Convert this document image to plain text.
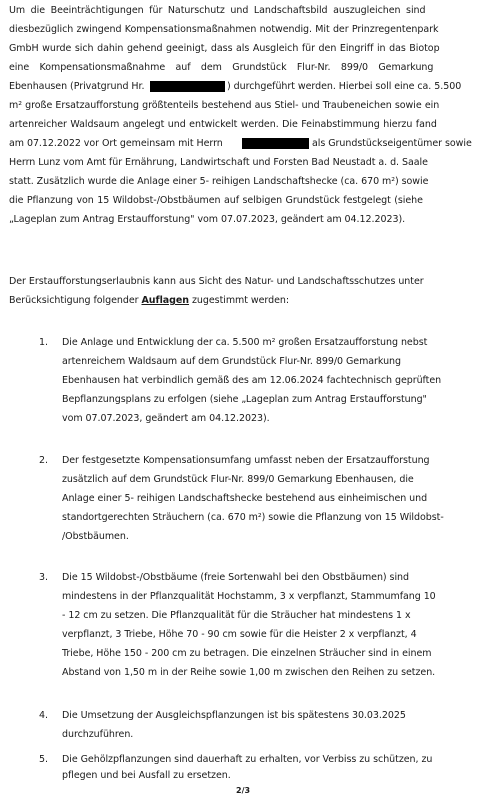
Um die Beeinträchtigungen für Naturschutz und Landschaftsbild auszugleichen sind
diesbezüglich zwingend Kompensationsmaßnahmen notwendig. Mit der Prinzregentenpark
GmbH wurde sich dahin gehend geeinigt, dass als Ausgleich für den Eingriff in das Biotop
eine Kompensationsmaßnahme auf dem Grundstück Flur-Nr. 899/0 Gemarkung
Ebenhausen (Privatgrund Hr.	) durchgeführt werden. Hierbei soll eine ca. 5.500
m² große Ersatzaufforstung größtenteils bestehend aus Stiel- und Traubeneichen sowie ein
artenreicher Waldsaum angelegt und entwickelt werden. Die Feinabstimmung hierzu fand
am 07.12.2022 vor Ort gemeinsam mit Herrn	als Grundstückseigentümer sowie
Herrn Lunz vom Amt für Ernährung, Landwirtschaft und Forsten Bad Neustadt a. d. Saale
statt. Zusätzlich wurde die Anlage einer 5- reihigen Landschaftshecke (ca. 670 m²) sowie
die Pflanzung von 15 Wildobst-/Obstbäumen auf selbigen Grundstück festgelegt (siehe
„Lageplan zum Antrag Erstaufforstung" vom 07.07.2023, geändert am 04.12.2023).
Der Erstaufforstungserlaubnis kann aus Sicht des Natur- und Landschaftsschutzes unter
Berücksichtigung folgender Auflagen zugestimmt werden:
1. Die Anlage und Entwicklung der ca. 5.500 m² großen Ersatzaufforstung nebst
artenreichem Waldsaum auf dem Grundstück Flur-Nr. 899/0 Gemarkung
Ebenhausen hat verbindlich gemäß des am 12.06.2024 fachtechnisch geprüften
Bepflanzungsplans zu erfolgen (siehe „Lageplan zum Antrag Erstaufforstung"
vom 07.07.2023, geändert am 04.12.2023).
2. Der festgesetzte Kompensationsumfang umfasst neben der Ersatzaufforstung
zusätzlich auf dem Grundstück Flur-Nr. 899/0 Gemarkung Ebenhausen, die
Anlage einer 5- reihigen Landschaftshecke bestehend aus einheimischen und
standortgerechten Sträuchern (ca. 670 m²) sowie die Pflanzung von 15 Wildobst-
/Obstbäumen.
3. Die 15 Wildobst-/Obstbäume (freie Sortenwahl bei den Obstbäumen) sind
mindestens in der Pflanzqualität Hochstamm, 3 x verpflanzt, Stammumfang 10
- 12 cm zu setzen. Die Pflanzqualität für die Sträucher hat mindestens 1 x
verpflanzt, 3 Triebe, Höhe 70 - 90 cm sowie für die Heister 2 x verpflanzt, 4
Triebe, Höhe 150 - 200 cm zu betragen. Die einzelnen Sträucher sind in einem
Abstand von 1,50 m in der Reihe sowie 1,00 m zwischen den Reihen zu setzen.
4. Die Umsetzung der Ausgleichspflanzungen ist bis spätestens 30.03.2025
durchzuführen.
5. Die Gehölzpflanzungen sind dauerhaft zu erhalten, vor Verbiss zu schützen, zu
pflegen und bei Ausfall zu ersetzen.
2/3
